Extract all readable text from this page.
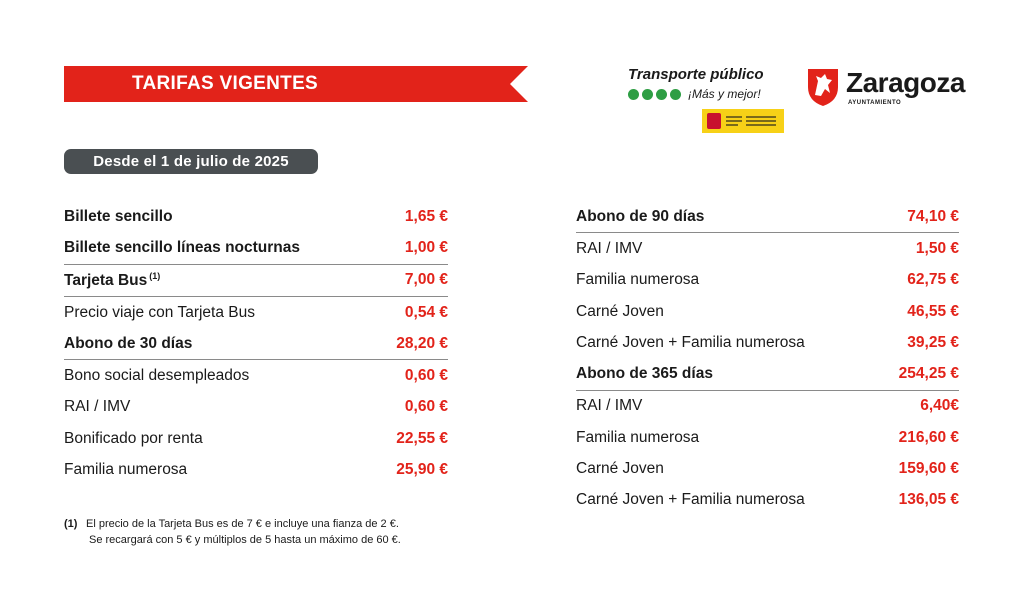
TARIFAS VIGENTES	Transporte público
¡Más y mejor!	Zaragoza
AYUNTAMIENTO
Desde el 1 de julio de 2025
Billete sencillo	1,65 €
Billete sencillo líneas nocturnas	1,00 €
Tarjeta Bus $^{(1)}$	7,00 €
Precio viaje con Tarjeta Bus	0,54 €
Abono de 30 días	28,20 €
Bono social desempleados	0,60 €
RAI / IMV	0,60 €
Bonificado por renta	22,55 €
Familia numerosa	25,90 €
Abono de 90 días	74,10 €
RAI / IMV	1,50 €
Familia numerosa	62,75 €
Carné Joven	46,55 €
Carné Joven + Familia numerosa	39,25 €
Abono de 365 días	254,25 €
RAI / IMV	6,40€
Familia numerosa	216,60 €
Carné Joven	159,60 €
Carné Joven + Familia numerosa	136,05 €
(1) El precio de la Tarjeta Bus es de 7 € e incluye una fianza de 2 €.
Se recargará con 5 € y múltiplos de 5 hasta un máximo de 60 €.
